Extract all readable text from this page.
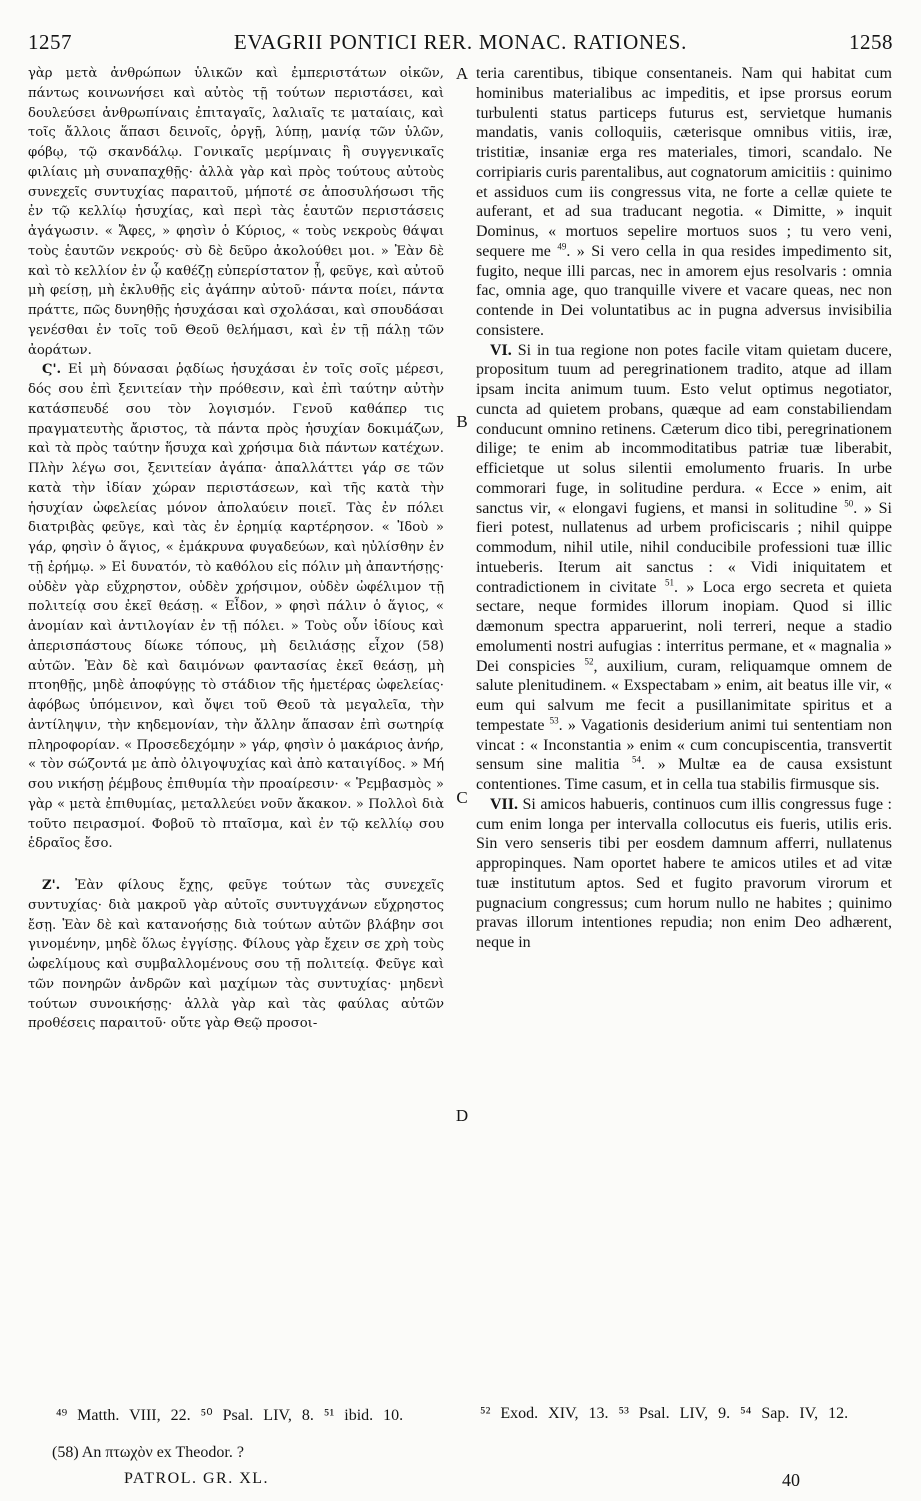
1257	EVAGRII PONTICI RER. MONAC. RATIONES.	1258

γὰρ μετὰ ἀνθρώπων ὑλικῶν καὶ ἐμπεριστάτων οἰκῶν, πάντως κοινωνήσει καὶ αὐτὸς τῇ τούτων περιστάσει, καὶ δουλεύσει ἀνθρωπίναις ἐπιταγαῖς, λαλιαῖς τε ματαίαις, καὶ τοῖς ἄλλοις ἅπασι δεινοῖς, ὀργῇ, λύπῃ, μανίᾳ τῶν ὑλῶν, φόβῳ, τῷ σκανδάλῳ. Γονικαῖς μερίμναις ἢ συγγενικαῖς φιλίαις μὴ συναπαχθῇς· ἀλλὰ γὰρ καὶ πρὸς τούτους αὐτοὺς συνεχεῖς συντυχίας παραιτοῦ, μήποτέ σε ἀποσυλήσωσι τῆς ἐν τῷ κελλίῳ ἡσυχίας, καὶ περὶ τὰς ἑαυτῶν περιστάσεις ἀγάγωσιν. « Ἄφες, » φησὶν ὁ Κύριος, « τοὺς νεκροὺς θάψαι τοὺς ἑαυτῶν νεκρούς· σὺ δὲ δεῦρο ἀκολούθει μοι. » Ἐὰν δὲ καὶ τὸ κελλίον ἐν ᾧ καθέζῃ εὐπερίστατον ᾖ, φεῦγε, καὶ αὐτοῦ μὴ φείσῃ, μὴ ἐκλυθῇς εἰς ἀγάπην αὐτοῦ· πάντα ποίει, πάντα πράττε, πῶς δυνηθῇς ἡσυχάσαι καὶ σχολάσαι, καὶ σπουδάσαι γενέσθαι ἐν τοῖς τοῦ Θεοῦ θελήμασι, καὶ ἐν τῇ πάλῃ τῶν ἀοράτων.

Ϛ'. Εἰ μὴ δύνασαι ῥᾳδίως ἡσυχάσαι ἐν τοῖς σοῖς μέρεσι, δός σου ἐπὶ ξενιτείαν τὴν πρόθεσιν, καὶ ἐπὶ ταύτην αὐτὴν κατάσπευδέ σου τὸν λογισμόν. Γενοῦ καθάπερ τις πραγματευτὴς ἄριστος, τὰ πάντα πρὸς ἡσυχίαν δοκιμάζων, καὶ τὰ πρὸς ταύτην ἥσυχα καὶ χρήσιμα διὰ πάντων κατέχων. Πλὴν λέγω σοι, ξενιτείαν ἀγάπα· ἀπαλλάττει γάρ σε τῶν κατὰ τὴν ἰδίαν χώραν περιστάσεων, καὶ τῆς κατὰ τὴν ἡσυχίαν ὠφελείας μόνον ἀπολαύειν ποιεῖ. Τὰς ἐν πόλει διατριβὰς φεῦγε, καὶ τὰς ἐν ἐρημίᾳ καρτέρησον. « Ἰδοὺ » γάρ, φησὶν ὁ ἅγιος, « ἐμάκρυνα φυγαδεύων, καὶ ηὐλίσθην ἐν τῇ ἐρήμῳ. » Εἰ δυνατόν, τὸ καθόλου εἰς πόλιν μὴ ἀπαντήσῃς· οὐδὲν γὰρ εὔχρηστον, οὐδὲν χρήσιμον, οὐδὲν ὠφέλιμον τῇ πολιτείᾳ σου ἐκεῖ θεάσῃ. « Εἶδον, » φησὶ πάλιν ὁ ἅγιος, « ἀνομίαν καὶ ἀντιλογίαν ἐν τῇ πόλει. » Τοὺς οὖν ἰδίους καὶ ἀπερισπάστους δίωκε τόπους, μὴ δειλιάσῃς εἶχον (58) αὐτῶν. Ἐὰν δὲ καὶ δαιμόνων φαντασίας ἐκεῖ θεάσῃ, μὴ πτοηθῇς, μηδὲ ἀποφύγῃς τὸ στάδιον τῆς ἡμετέρας ὠφελείας· ἀφόβως ὑπόμεινον, καὶ ὄψει τοῦ Θεοῦ τὰ μεγαλεῖα, τὴν ἀντίληψιν, τὴν κηδεμονίαν, τὴν ἄλλην ἅπασαν ἐπὶ σωτηρίᾳ πληροφορίαν. « Προσεδεχόμην » γάρ, φησὶν ὁ μακάριος ἀνήρ, « τὸν σώζοντά με ἀπὸ ὀλιγοψυχίας καὶ ἀπὸ καταιγίδος. » Μή σου νικήσῃ ῥέμβους ἐπιθυμία τὴν προαίρεσιν· « Ῥεμβασμὸς » γὰρ « μετὰ ἐπιθυμίας, μεταλλεύει νοῦν ἄκακον. » Πολλοὶ διὰ τοῦτο πειρασμοί. Φοβοῦ τὸ πταῖσμα, καὶ ἐν τῷ κελλίῳ σου ἑδραῖος ἔσο.

Ζ'. Ἐὰν φίλους ἔχῃς, φεῦγε τούτων τὰς συνεχεῖς συντυχίας· διὰ μακροῦ γὰρ αὐτοῖς συντυγχάνων εὔχρηστος ἔσῃ. Ἐὰν δὲ καὶ κατανοήσῃς διὰ τούτων αὐτῶν βλάβην σοι γινομένην, μηδὲ ὅλως ἐγγίσῃς. Φίλους γὰρ ἔχειν σε χρὴ τοὺς ὠφελίμους καὶ συμβαλλομένους σου τῇ πολιτείᾳ. Φεῦγε καὶ τῶν πονηρῶν ἀνδρῶν καὶ μαχίμων τὰς συντυχίας· μηδενὶ τούτων συνοικήσῃς· ἀλλὰ γὰρ καὶ τὰς φαύλας αὐτῶν προθέσεις παραιτοῦ· οὔτε γὰρ Θεῷ προσοι-

A
B
C
D

teria carentibus, tibique consentaneis. Nam qui habitat cum hominibus materialibus ac impeditis, et ipse prorsus eorum turbulenti status particeps futurus est, servietque humanis mandatis, vanis colloquiis, cæterisque omnibus vitiis, iræ, tristitiæ, insaniæ erga res materiales, timori, scandalo. Ne corripiaris curis parentalibus, aut cognatorum amicitiis : quinimo et assiduos cum iis congressus vita, ne forte a cellæ quiete te auferant, et ad sua traducant negotia. « Dimitte, » inquit Dominus, « mortuos sepelire mortuos suos ; tu vero veni, sequere me $^{49}$. » Si vero cella in qua resides impedimento sit, fugito, neque illi parcas, nec in amorem ejus resolvaris : omnia fac, omnia age, quo tranquille vivere et vacare queas, nec non contende in Dei voluntatibus ac in pugna adversus invisibilia consistere.

VI. Si in tua regione non potes facile vitam quietam ducere, propositum tuum ad peregrinationem tradito, atque ad illam ipsam incita animum tuum. Esto velut optimus negotiator, cuncta ad quietem probans, quæque ad eam constabiliendam conducunt omnino retinens. Cæterum dico tibi, peregrinationem dilige; te enim ab incommoditatibus patriæ tuæ liberabit, efficietque ut solus silentii emolumento fruaris. In urbe commorari fuge, in solitudine perdura. « Ecce » enim, ait sanctus vir, « elongavi fugiens, et mansi in solitudine $^{50}$. » Si fieri potest, nullatenus ad urbem proficiscaris ; nihil quippe commodum, nihil utile, nihil conducibile professioni tuæ illic intueberis. Iterum ait sanctus : « Vidi iniquitatem et contradictionem in civitate $^{51}$. » Loca ergo secreta et quieta sectare, neque formides illorum inopiam. Quod si illic dæmonum spectra apparuerint, noli terreri, neque a stadio emolumenti nostri aufugias : interritus permane, et « magnalia » Dei conspicies $^{52}$, auxilium, curam, reliquamque omnem de salute plenitudinem. « Exspectabam » enim, ait beatus ille vir, « eum qui salvum me fecit a pusillanimitate spiritus et a tempestate $^{53}$. » Vagationis desiderium animi tui sententiam non vincat : « Inconstantia » enim « cum concupiscentia, transvertit sensum sine malitia $^{54}$. » Multæ ea de causa exsistunt contentiones. Time casum, et in cella tua stabilis firmusque sis.

VII. Si amicos habueris, continuos cum illis congressus fuge : cum enim longa per intervalla collocutus eis fueris, utilis eris. Sin vero senseris tibi per eosdem damnum afferri, nullatenus appropinques. Nam oportet habere te amicos utiles et ad vitæ tuæ institutum aptos. Sed et fugito pravorum virorum et pugnacium congressus; cum horum nullo ne habites ; quinimo pravas illorum intentiones repudia; non enim Deo adhærent, neque in

⁴⁹ Matth. VIII, 22. ⁵⁰ Psal. LIV, 8. ⁵¹ ibid. 10.	⁵² Exod. XIV, 13. ⁵³ Psal. LIV, 9. ⁵⁴ Sap. IV, 12.
(58) An πτωχὸν ex Theodor. ?
PATROL. GR. XL.	40
